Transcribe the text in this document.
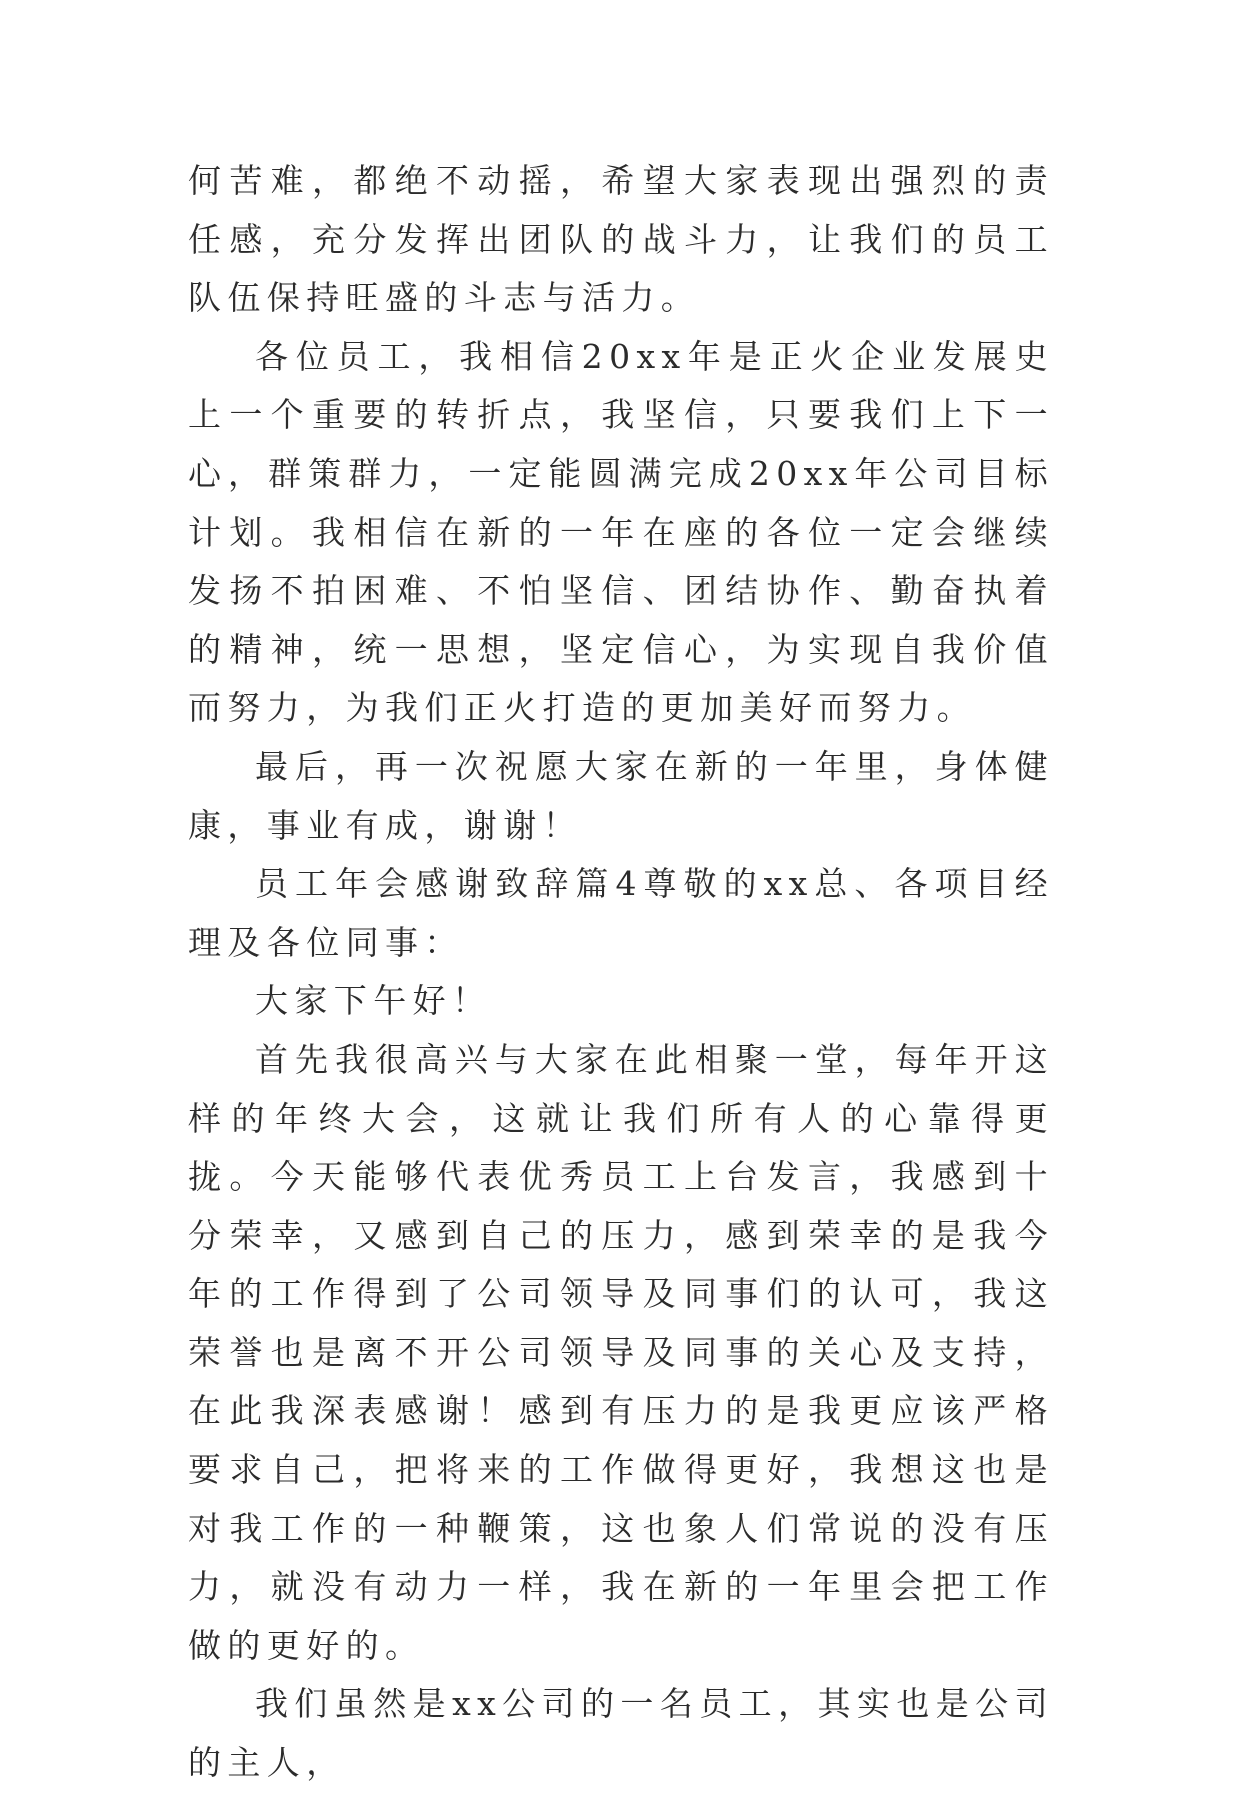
何苦难，都绝不动摇，希望大家表现出强烈的责任感，充分发挥出团队的战斗力，让我们的员工队伍保持旺盛的斗志与活力。

各位员工，我相信20xx年是正火企业发展史上一个重要的转折点，我坚信，只要我们上下一心，群策群力，一定能圆满完成20xx年公司目标计划。我相信在新的一年在座的各位一定会继续发扬不拍困难、不怕坚信、团结协作、勤奋执着的精神，统一思想，坚定信心，为实现自我价值而努力，为我们正火打造的更加美好而努力。

最后，再一次祝愿大家在新的一年里，身体健康，事业有成，谢谢！

员工年会感谢致辞篇4尊敬的xx总、各项目经理及各位同事：

大家下午好！

首先我很高兴与大家在此相聚一堂，每年开这样的年终大会，这就让我们所有人的心靠得更拢。今天能够代表优秀员工上台发言，我感到十分荣幸，又感到自己的压力，感到荣幸的是我今年的工作得到了公司领导及同事们的认可，我这荣誉也是离不开公司领导及同事的关心及支持，在此我深表感谢！感到有压力的是我更应该严格要求自己，把将来的工作做得更好，我想这也是对我工作的一种鞭策，这也象人们常说的没有压力，就没有动力一样，我在新的一年里会把工作做的更好的。

我们虽然是xx公司的一名员工，其实也是公司的主人，
